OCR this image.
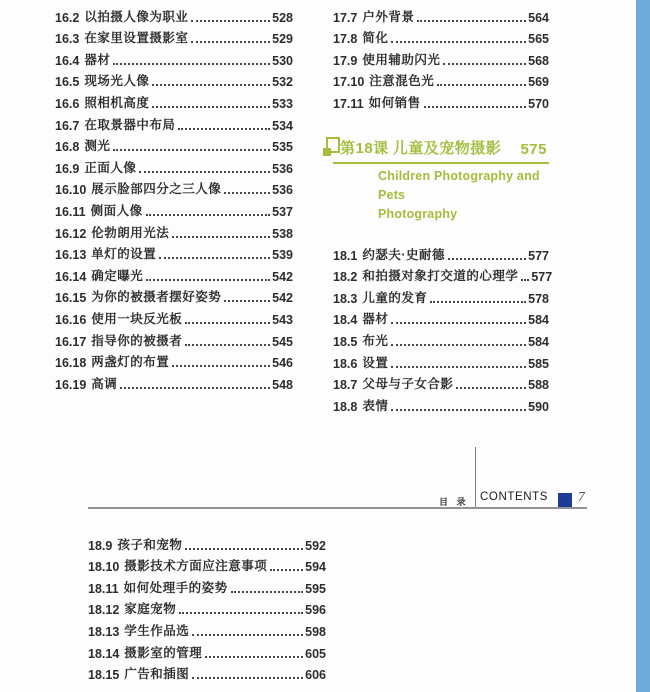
16.2 以拍摄人像为职业	528
16.3 在家里设置摄影室	529
16.4 器材	530
16.5 现场光人像	532
16.6 照相机高度	533
16.7 在取景器中布局	534
16.8 测光	535
16.9 正面人像	536
16.10 展示脸部四分之三人像	536
16.11 侧面人像	537
16.12 伦勃朗用光法	538
16.13 单灯的设置	539
16.14 确定曝光	542
16.15 为你的被摄者摆好姿势	542
16.16 使用一块反光板	543
16.17 指导你的被摄者	545
16.18 两盏灯的布置	546
16.19 高调	548
17.7 户外背景	564
17.8 简化	565
17.9 使用辅助闪光	568
17.10 注意混色光	569
17.11 如何销售	570
第18课 儿童及宠物摄影 575
Children Photography and Pets
Photography
18.1 约瑟夫·史耐德	577
18.2 和拍摄对象打交道的心理学 577
18.3 儿童的发育	578
18.4 器材	584
18.5 布光	584
18.6 设置	585
18.7 父母与子女合影	588
18.8 表情	590
目 录 CONTENTS 7
18.9 孩子和宠物	592
18.10 摄影技术方面应注意事项	594
18.11 如何处理手的姿势	595
18.12 家庭宠物	596
18.13 学生作品选	598
18.14 摄影室的管理	605
18.15 广告和插图	606
